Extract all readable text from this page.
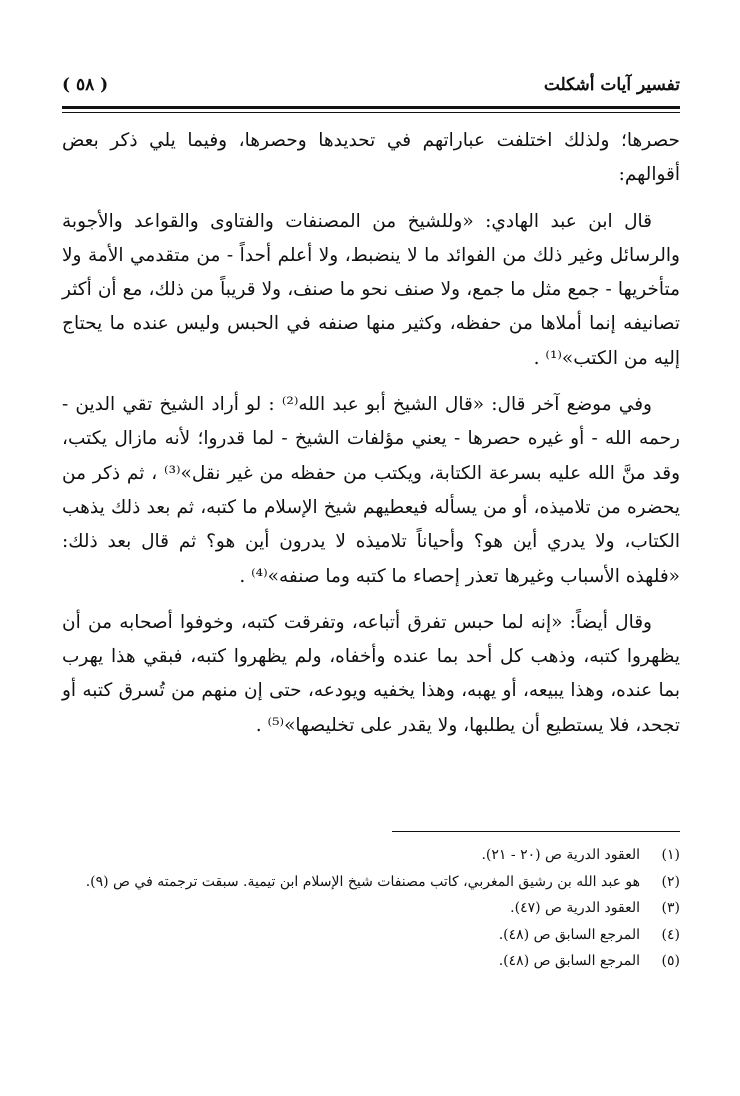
تفسير آيات أشكلت
( ٥٨ )

حصرها؛ ولذلك اختلفت عباراتهم في تحديدها وحصرها، وفيما يلي ذكر بعض أقوالهم:

قال ابن عبد الهادي: «وللشيخ من المصنفات والفتاوى والقواعد والأجوبة والرسائل وغير ذلك من الفوائد ما لا ينضبط، ولا أعلم أحداً - من متقدمي الأمة ولا متأخريها - جمع مثل ما جمع، ولا صنف نحو ما صنف، ولا قريباً من ذلك، مع أن أكثر تصانيفه إنما أملاها من حفظه، وكثير منها صنفه في الحبس وليس عنده ما يحتاج إليه من الكتب»⁽¹⁾ .

وفي موضع آخر قال: «قال الشيخ أبو عبد الله⁽²⁾ : لو أراد الشيخ تقي الدين - رحمه الله - أو غيره حصرها - يعني مؤلفات الشيخ - لما قدروا؛ لأنه مازال يكتب، وقد منَّ الله عليه بسرعة الكتابة، ويكتب من حفظه من غير نقل»⁽³⁾ ، ثم ذكر من يحضره من تلاميذه، أو من يسأله فيعطيهم شيخ الإسلام ما كتبه، ثم بعد ذلك يذهب الكتاب، ولا يدري أين هو؟ وأحياناً تلاميذه لا يدرون أين هو؟ ثم قال بعد ذلك: «فلهذه الأسباب وغيرها تعذر إحصاء ما كتبه وما صنفه»⁽⁴⁾ .

وقال أيضاً: «إنه لما حبس تفرق أتباعه، وتفرقت كتبه، وخوفوا أصحابه من أن يظهروا كتبه، وذهب كل أحد بما عنده وأخفاه، ولم يظهروا كتبه، فبقي هذا يهرب بما عنده، وهذا يبيعه، أو يهبه، وهذا يخفيه ويودعه، حتى إن منهم من تُسرق كتبه أو تجحد، فلا يستطيع أن يطلبها، ولا يقدر على تخليصها»⁽⁵⁾ .

(١)
العقود الدرية ص (٢٠ - ٢١).
(٢)
هو عبد الله بن رشيق المغربي، كاتب مصنفات شيخ الإسلام ابن تيمية. سبقت ترجمته في ص (٩).
(٣)
العقود الدرية ص (٤٧).
(٤)
المرجع السابق ص (٤٨).
(٥)
المرجع السابق ص (٤٨).
